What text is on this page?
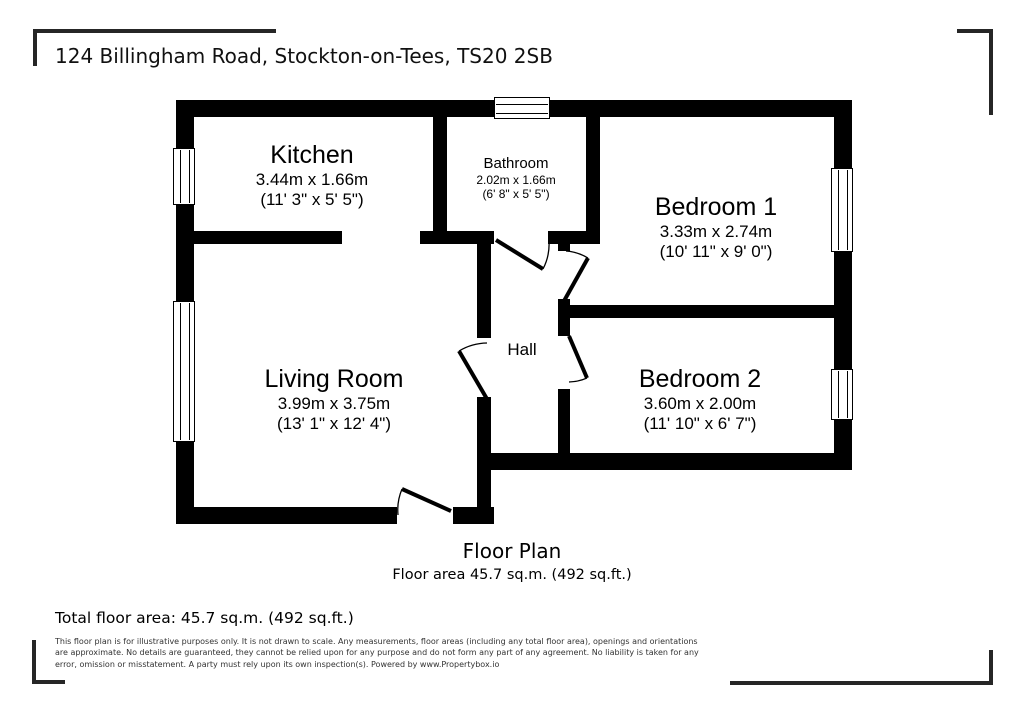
124 Billingham Road, Stockton-on-Tees, TS20 2SB
Kitchen
3.44m x 1.66m
(11' 3" x 5' 5")
Bathroom
2.02m x 1.66m
(6' 8" x 5' 5")	Bedroom 1
3.33m x 2.74m
(10' 11" x 9' 0")
Living Room
3.99m x 3.75m
(13' 1" x 12' 4")
Hall
Bedroom 2
3.60m x 2.00m
(11' 10" x 6' 7")
Floor Plan
Floor area 45.7 sq.m. (492 sq.ft.)
Total floor area: 45.7 sq.m. (492 sq.ft.)
This floor plan is for illustrative purposes only. It is not drawn to scale. Any measurements, floor areas (including any total floor area), openings and orientations are approximate. No details are guaranteed, they cannot be relied upon for any purpose and do not form any part of any agreement. No liability is taken for any error, omission or misstatement. A party must rely upon its own inspection(s). Powered by www.Propertybox.io
